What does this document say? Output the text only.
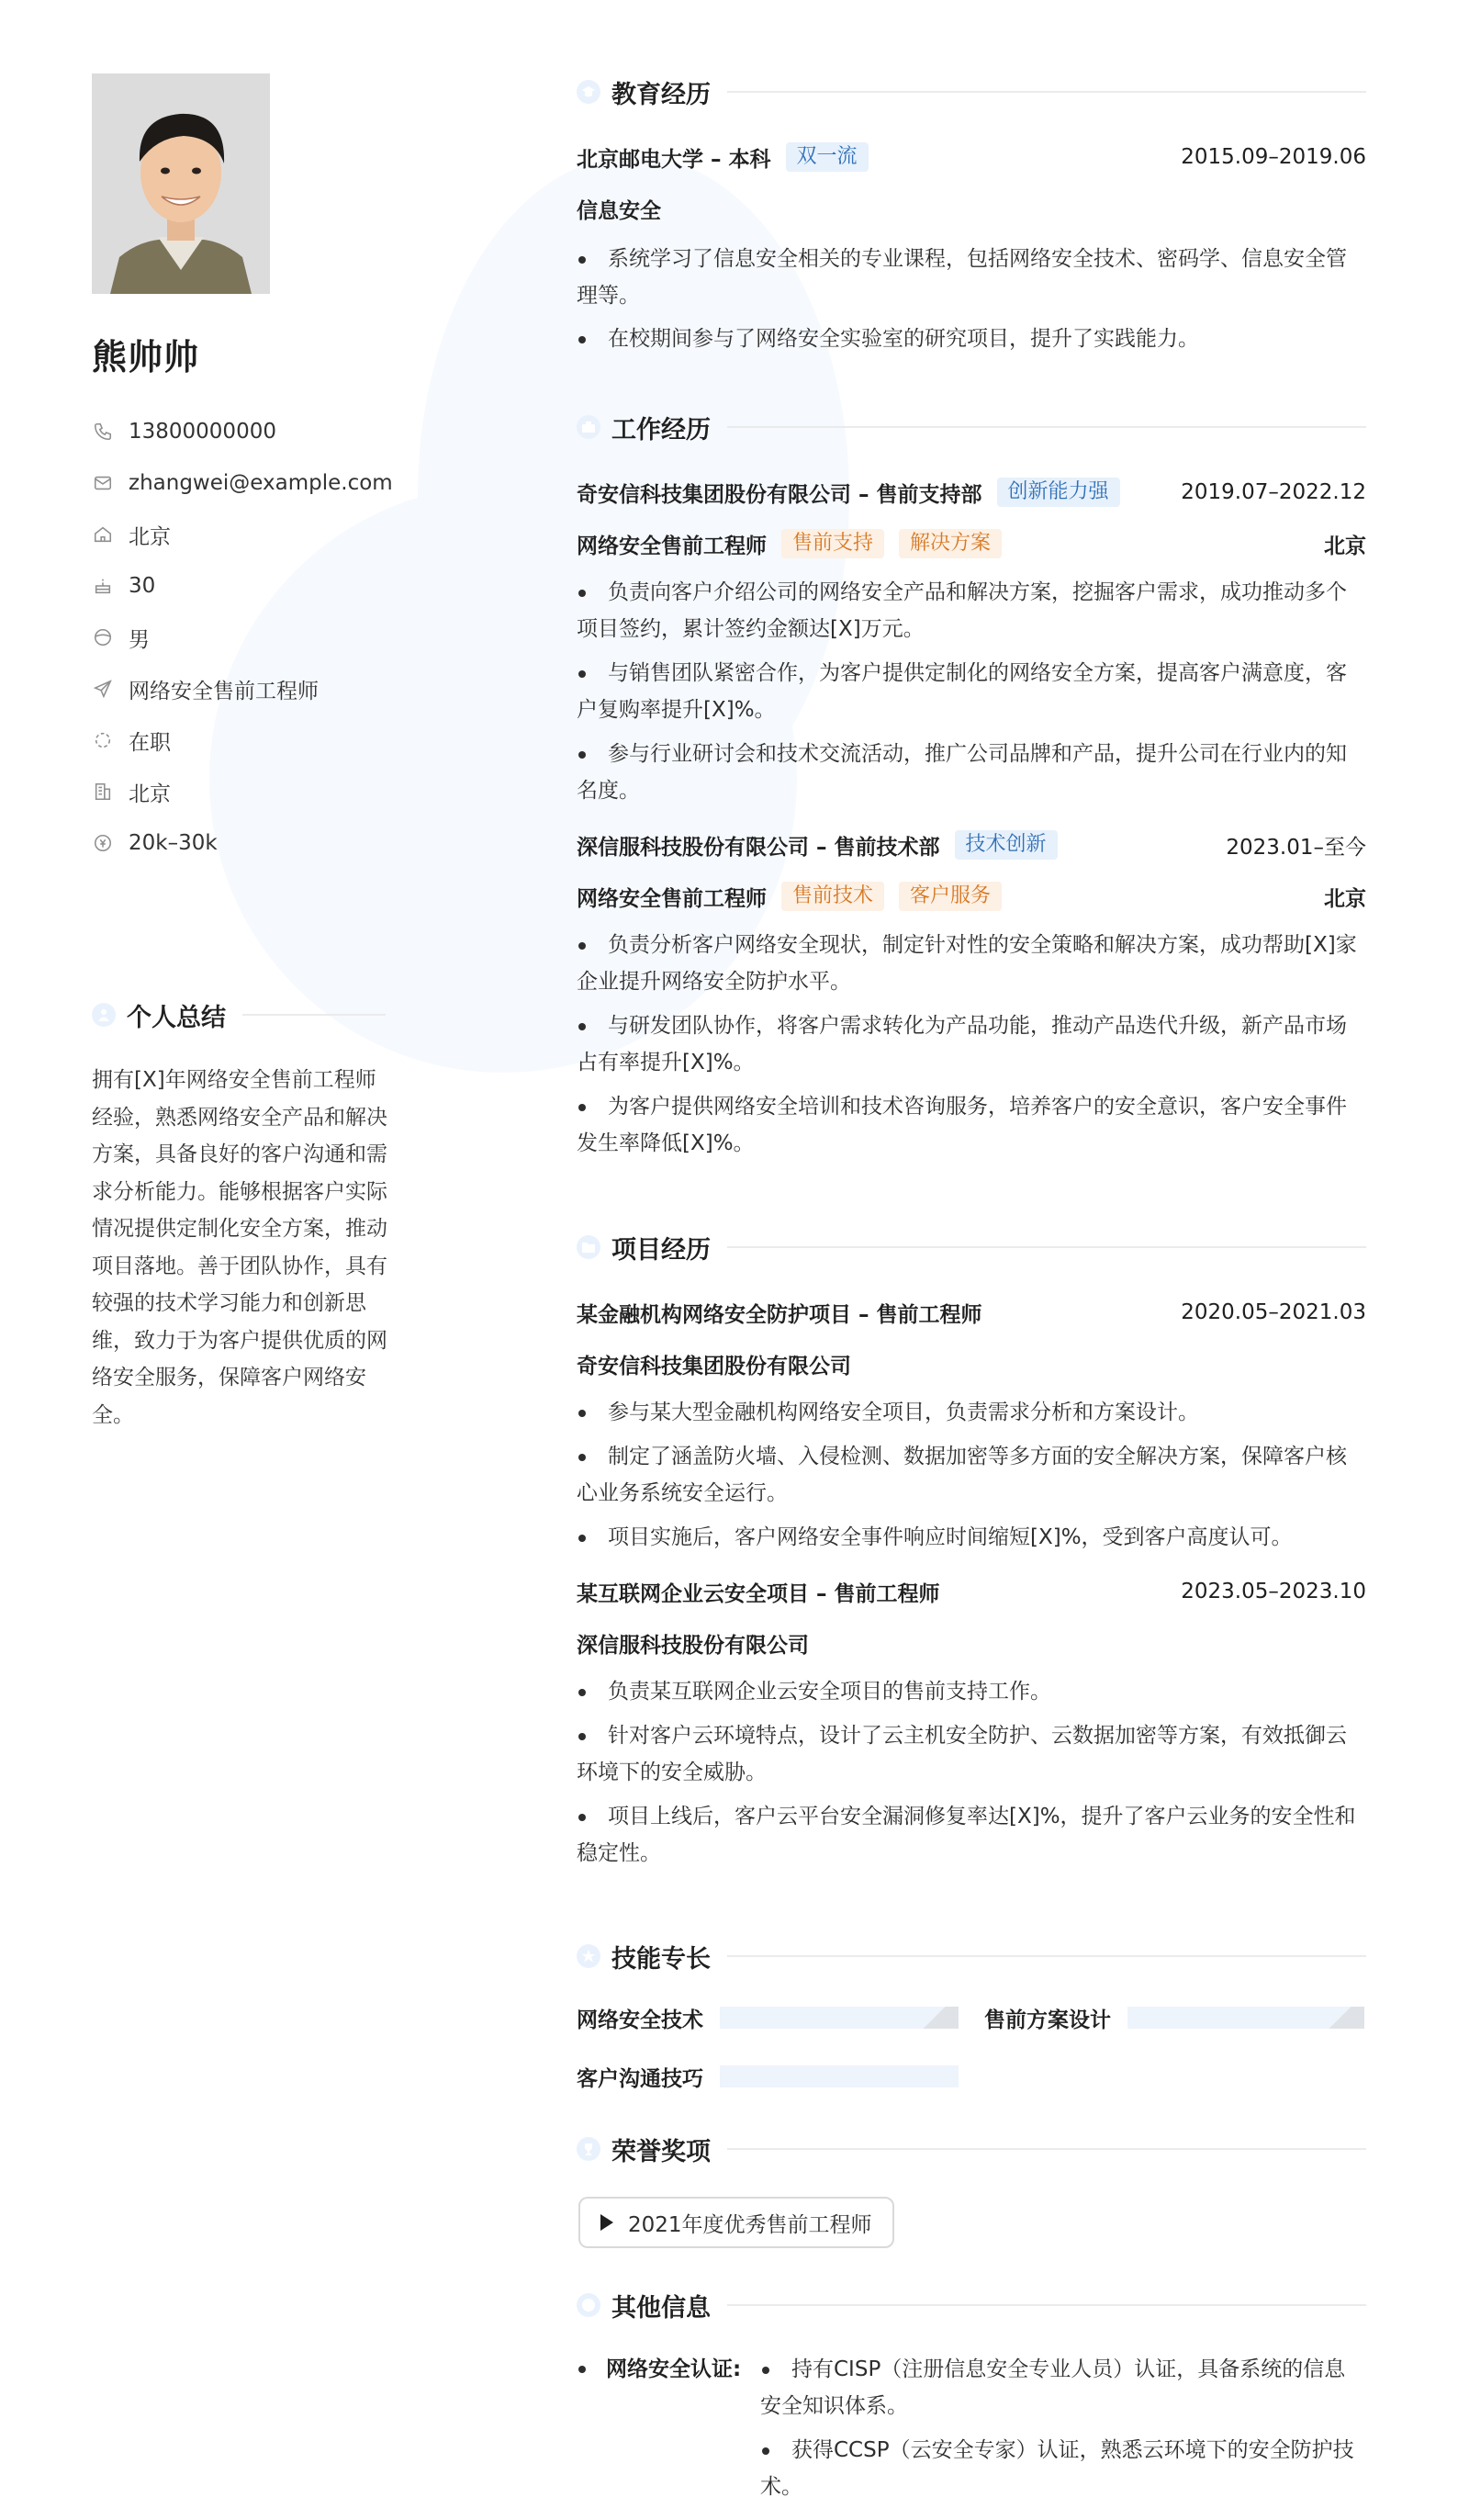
熊帅帅
13800000000
zhangwei@example.com
北京
30
男
网络安全售前工程师
在职
北京
20k–30k
个人总结
拥有[X]年网络安全售前工程师经验，熟悉网络安全产品和解决方案，具备良好的客户沟通和需求分析能力。能够根据客户实际情况提供定制化安全方案，推动项目落地。善于团队协作，具有较强的技术学习能力和创新思维，致力于为客户提供优质的网络安全服务，保障客户网络安全。
教育经历
北京邮电大学 – 本科	双一流	2015.09–2019.06
信息安全
系统学习了信息安全相关的专业课程，包括网络安全技术、密码学、信息安全管理等。
在校期间参与了网络安全实验室的研究项目，提升了实践能力。
工作经历
奇安信科技集团股份有限公司 – 售前支持部	创新能力强	2019.07–2022.12
网络安全售前工程师	售前支持	解决方案	北京
负责向客户介绍公司的网络安全产品和解决方案，挖掘客户需求，成功推动多个项目签约，累计签约金额达[X]万元。
与销售团队紧密合作，为客户提供定制化的网络安全方案，提高客户满意度，客户复购率提升[X]%。
参与行业研讨会和技术交流活动，推广公司品牌和产品，提升公司在行业内的知名度。
深信服科技股份有限公司 – 售前技术部	技术创新	2023.01–至今
网络安全售前工程师	售前技术	客户服务	北京
负责分析客户网络安全现状，制定针对性的安全策略和解决方案，成功帮助[X]家企业提升网络安全防护水平。
与研发团队协作，将客户需求转化为产品功能，推动产品迭代升级，新产品市场占有率提升[X]%。
为客户提供网络安全培训和技术咨询服务，培养客户的安全意识，客户安全事件发生率降低[X]%。
项目经历
某金融机构网络安全防护项目 – 售前工程师	2020.05–2021.03
奇安信科技集团股份有限公司
参与某大型金融机构网络安全项目，负责需求分析和方案设计。
制定了涵盖防火墙、入侵检测、数据加密等多方面的安全解决方案，保障客户核心业务系统安全运行。
项目实施后，客户网络安全事件响应时间缩短[X]%，受到客户高度认可。
某互联网企业云安全项目 – 售前工程师	2023.05–2023.10
深信服科技股份有限公司
负责某互联网企业云安全项目的售前支持工作。
针对客户云环境特点，设计了云主机安全防护、云数据加密等方案，有效抵御云环境下的安全威胁。
项目上线后，客户云平台安全漏洞修复率达[X]%，提升了客户云业务的安全性和稳定性。
技能专长
网络安全技术	售前方案设计
客户沟通技巧
荣誉奖项
2021年度优秀售前工程师
其他信息
网络安全认证:	持有CISP（注册信息安全专业人员）认证，具备系统的信息安全知识体系。
获得CCSP（云安全专家）认证，熟悉云环境下的安全防护技术。
